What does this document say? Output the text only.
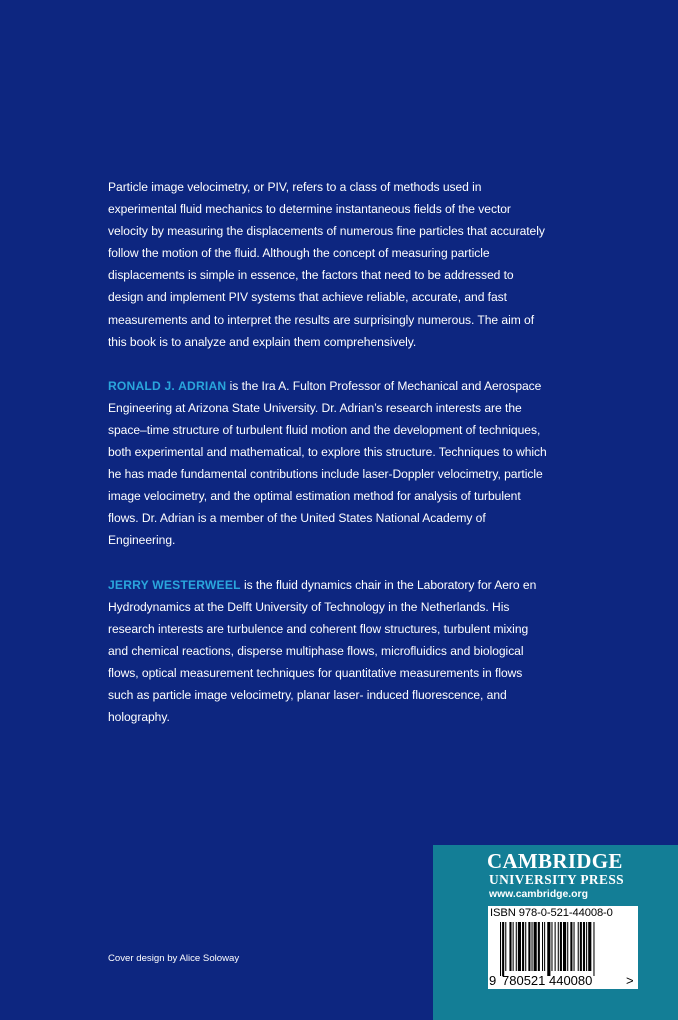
Particle image velocimetry, or PIV, refers to a class of methods used in experimental fluid mechanics to determine instantaneous fields of the vector velocity by measuring the displacements of numerous fine particles that accurately follow the motion of the fluid. Although the concept of measuring particle displacements is simple in essence, the factors that need to be addressed to design and implement PIV systems that achieve reliable, accurate, and fast measurements and to interpret the results are surprisingly numerous. The aim of this book is to analyze and explain them comprehensively.

RONALD J. ADRIAN is the Ira A. Fulton Professor of Mechanical and Aerospace Engineering at Arizona State University. Dr. Adrian’s research interests are the space–time structure of turbulent fluid motion and the development of techniques, both experimental and mathematical, to explore this structure. Techniques to which he has made fundamental contributions include laser-Doppler velocimetry, particle image velocimetry, and the optimal estimation method for analysis of turbulent flows. Dr. Adrian is a member of the United States National Academy of Engineering.

JERRY WESTERWEEL is the fluid dynamics chair in the Laboratory for Aero en Hydrodynamics at the Delft University of Technology in the Netherlands. His research interests are turbulence and coherent flow structures, turbulent mixing and chemical reactions, disperse multiphase flows, microfluidics and biological flows, optical measurement techniques for quantitative measurements in flows such as particle image velocimetry, planar laser- induced fluorescence, and holography.

Cover design by Alice Soloway
CAMBRIDGE
UNIVERSITY PRESS
www.cambridge.org
ISBN 978-0-521-44008-0
9 780521 440080	>
